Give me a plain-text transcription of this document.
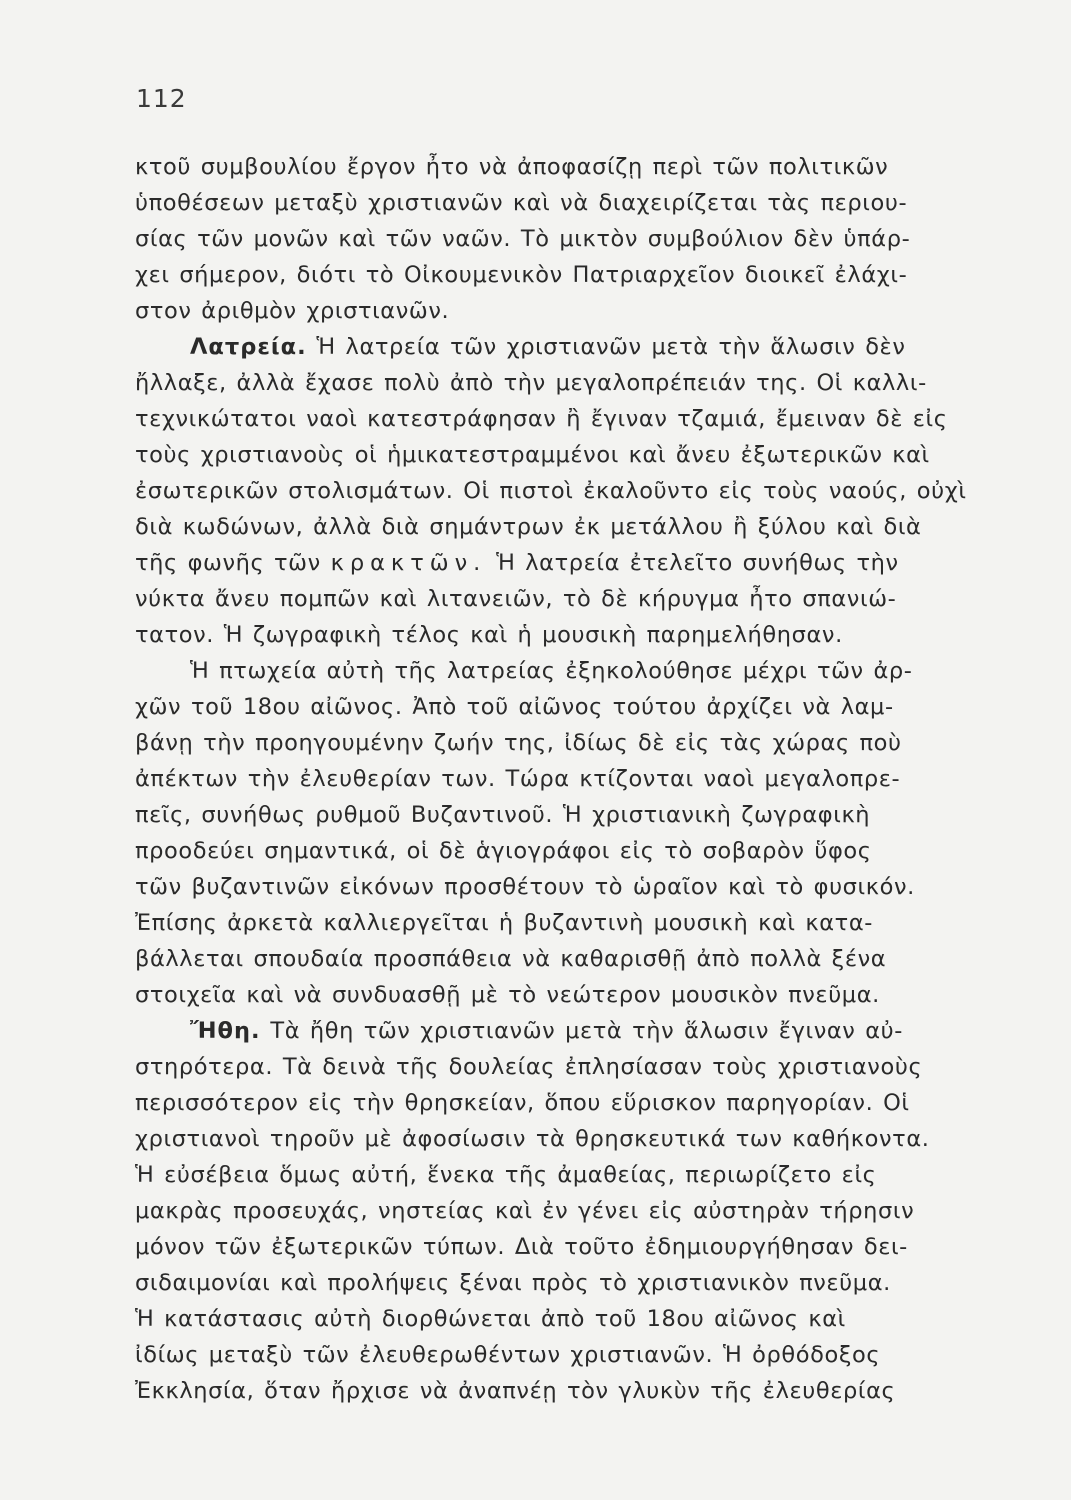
112
κτοῦ συμβουλίου ἔργον ἦτο νὰ ἀποφασίζῃ περὶ τῶν πολιτικῶν
ὑποθέσεων μεταξὺ χριστιανῶν καὶ νὰ διαχειρίζεται τὰς περιου-
σίας τῶν μονῶν καὶ τῶν ναῶν. Τὸ μικτὸν συμβούλιον δὲν ὑπάρ-
χει σήμερον, διότι τὸ Οἰκουμενικὸν Πατριαρχεῖον διοικεῖ ἐλάχι-
στον ἀριθμὸν χριστιανῶν.
Λατρεία. Ἡ λατρεία τῶν χριστιανῶν μετὰ τὴν ἅλωσιν δὲν
ἤλλαξε, ἀλλὰ ἔχασε πολὺ ἀπὸ τὴν μεγαλοπρέπειάν της. Οἱ καλλι-
τεχνικώτατοι ναοὶ κατεστράφησαν ἢ ἔγιναν τζαμιά, ἔμειναν δὲ εἰς
τοὺς χριστιανοὺς οἱ ἡμικατεστραμμένοι καὶ ἄνευ ἐξωτερικῶν καὶ
ἐσωτερικῶν στολισμάτων. Οἱ πιστοὶ ἐκαλοῦντο εἰς τοὺς ναούς, οὐχὶ
διὰ κωδώνων, ἀλλὰ διὰ σημάντρων ἐκ μετάλλου ἢ ξύλου καὶ διὰ
τῆς φωνῆς τῶν κρακτῶν. Ἡ λατρεία ἐτελεῖτο συνήθως τὴν
νύκτα ἄνευ πομπῶν καὶ λιτανειῶν, τὸ δὲ κήρυγμα ἦτο σπανιώ-
τατον. Ἡ ζωγραφικὴ τέλος καὶ ἡ μουσικὴ παρημελήθησαν.
Ἡ πτωχεία αὐτὴ τῆς λατρείας ἐξηκολούθησε μέχρι τῶν ἀρ-
χῶν τοῦ 18ου αἰῶνος. Ἀπὸ τοῦ αἰῶνος τούτου ἀρχίζει νὰ λαμ-
βάνῃ τὴν προηγουμένην ζωήν της, ἰδίως δὲ εἰς τὰς χώρας ποὺ
ἀπέκτων τὴν ἐλευθερίαν των. Τώρα κτίζονται ναοὶ μεγαλοπρε-
πεῖς, συνήθως ρυθμοῦ Βυζαντινοῦ. Ἡ χριστιανικὴ ζωγραφικὴ
προοδεύει σημαντικά, οἱ δὲ ἁγιογράφοι εἰς τὸ σοβαρὸν ὕφος
τῶν βυζαντινῶν εἰκόνων προσθέτουν τὸ ὡραῖον καὶ τὸ φυσικόν.
Ἐπίσης ἀρκετὰ καλλιεργεῖται ἡ βυζαντινὴ μουσικὴ καὶ κατα-
βάλλεται σπουδαία προσπάθεια νὰ καθαρισθῇ ἀπὸ πολλὰ ξένα
στοιχεῖα καὶ νὰ συνδυασθῇ μὲ τὸ νεώτερον μουσικὸν πνεῦμα.
Ἤθη. Τὰ ἤθη τῶν χριστιανῶν μετὰ τὴν ἅλωσιν ἔγιναν αὐ-
στηρότερα. Τὰ δεινὰ τῆς δουλείας ἐπλησίασαν τοὺς χριστιανοὺς
περισσότερον εἰς τὴν θρησκείαν, ὅπου εὕρισκον παρηγορίαν. Οἱ
χριστιανοὶ τηροῦν μὲ ἀφοσίωσιν τὰ θρησκευτικά των καθήκοντα.
Ἡ εὐσέβεια ὅμως αὐτή, ἕνεκα τῆς ἀμαθείας, περιωρίζετο εἰς
μακρὰς προσευχάς, νηστείας καὶ ἐν γένει εἰς αὐστηρὰν τήρησιν
μόνον τῶν ἐξωτερικῶν τύπων. Διὰ τοῦτο ἐδημιουργήθησαν δει-
σιδαιμονίαι καὶ προλήψεις ξέναι πρὸς τὸ χριστιανικὸν πνεῦμα.
Ἡ κατάστασις αὐτὴ διορθώνεται ἀπὸ τοῦ 18ου αἰῶνος καὶ
ἰδίως μεταξὺ τῶν ἐλευθερωθέντων χριστιανῶν. Ἡ ὀρθόδοξος
Ἐκκλησία, ὅταν ἤρχισε νὰ ἀναπνέῃ τὸν γλυκὺν τῆς ἐλευθερίας
